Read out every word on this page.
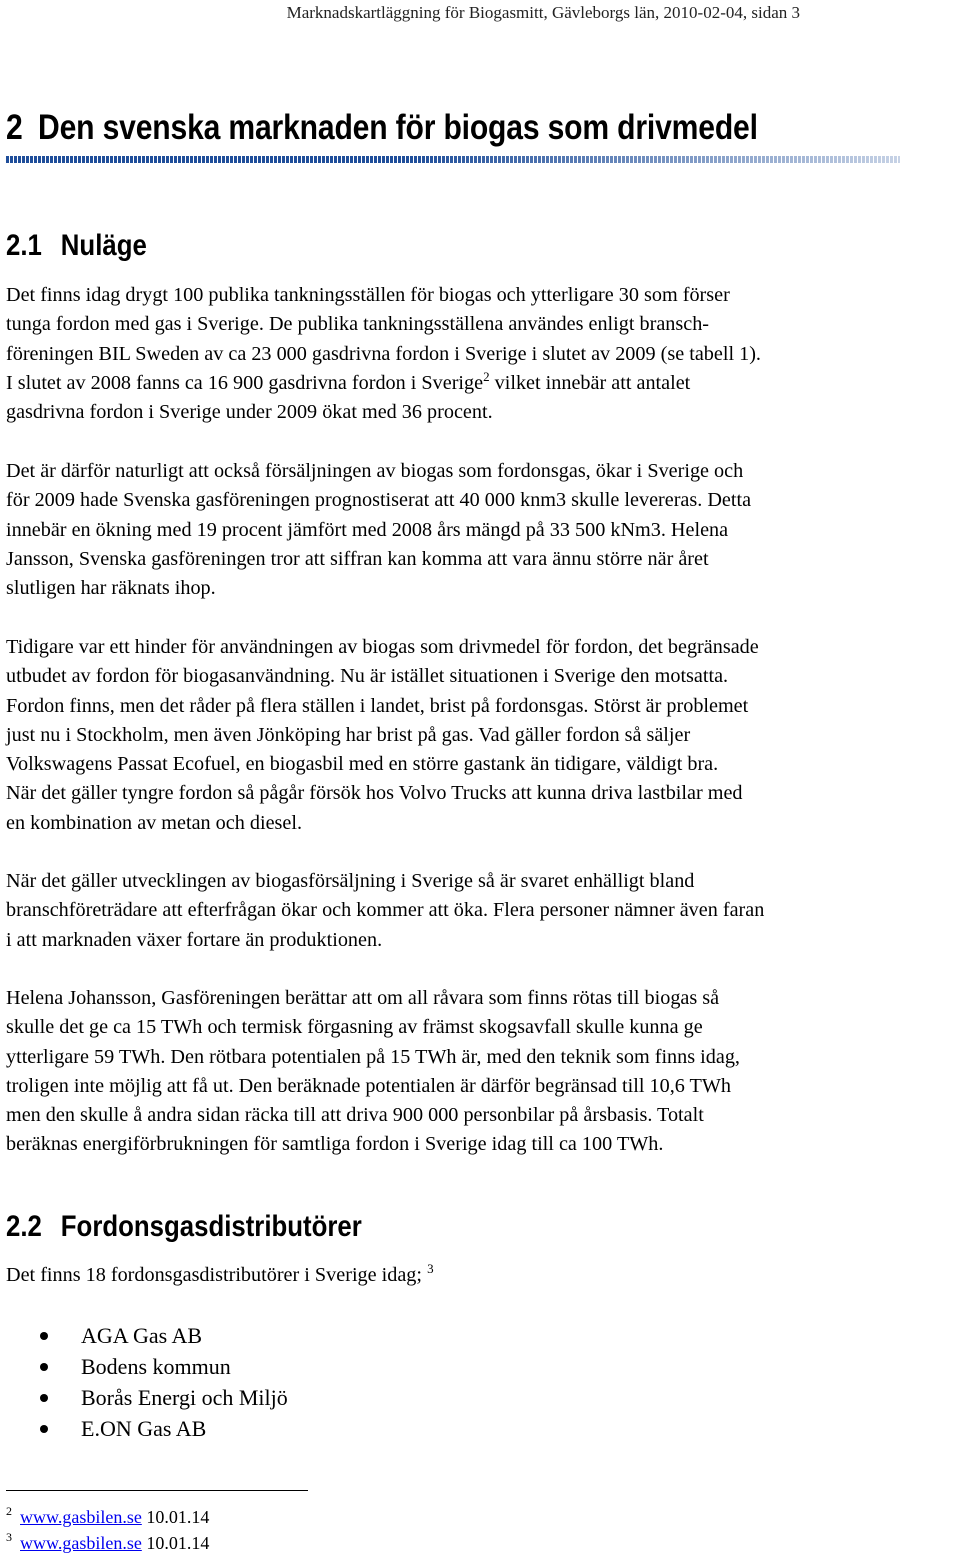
Marknadskartläggning för Biogasmitt, Gävleborgs län, 2010-02-04, sidan 3
2 Den svenska marknaden för biogas som drivmedel
2.1 Nuläge

Det finns idag drygt 100 publika tankningsställen för biogas och ytterligare 30 som förser

tunga fordon med gas i Sverige. De publika tankningsställena användes enligt bransch-

föreningen BIL Sweden av ca 23 000 gasdrivna fordon i Sverige i slutet av 2009 (se tabell 1).

I slutet av 2008 fanns ca 16 900 gasdrivna fordon i Sverige$^2$ vilket innebär att antalet

gasdrivna fordon i Sverige under 2009 ökat med 36 procent.

Det är därför naturligt att också försäljningen av biogas som fordonsgas, ökar i Sverige och

för 2009 hade Svenska gasföreningen prognostiserat att 40 000 knm3 skulle levereras. Detta

innebär en ökning med 19 procent jämfört med 2008 års mängd på 33 500 kNm3. Helena

Jansson, Svenska gasföreningen tror att siffran kan komma att vara ännu större när året

slutligen har räknats ihop.

Tidigare var ett hinder för användningen av biogas som drivmedel för fordon, det begränsade

utbudet av fordon för biogasanvändning. Nu är istället situationen i Sverige den motsatta.

Fordon finns, men det råder på flera ställen i landet, brist på fordonsgas. Störst är problemet

just nu i Stockholm, men även Jönköping har brist på gas. Vad gäller fordon så säljer

Volkswagens Passat Ecofuel, en biogasbil med en större gastank än tidigare, väldigt bra.

När det gäller tyngre fordon så pågår försök hos Volvo Trucks att kunna driva lastbilar med

en kombination av metan och diesel.

När det gäller utvecklingen av biogasförsäljning i Sverige så är svaret enhälligt bland

branschföreträdare att efterfrågan ökar och kommer att öka. Flera personer nämner även faran

i att marknaden växer fortare än produktionen.

Helena Johansson, Gasföreningen berättar att om all råvara som finns rötas till biogas så

skulle det ge ca 15 TWh och termisk förgasning av främst skogsavfall skulle kunna ge

ytterligare 59 TWh. Den rötbara potentialen på 15 TWh är, med den teknik som finns idag,

troligen inte möjlig att få ut. Den beräknade potentialen är därför begränsad till 10,6 TWh

men den skulle å andra sidan räcka till att driva 900 000 personbilar på årsbasis. Totalt

beräknas energiförbrukningen för samtliga fordon i Sverige idag till ca 100 TWh.

2.2 Fordonsgasdistributörer

Det finns 18 fordonsgasdistributörer i Sverige idag; $^3$

AGA Gas AB
Bodens kommun
Borås Energi och Miljö
E.ON Gas AB
$^2$ www.gasbilen.se 10.01.14
$^3$ www.gasbilen.se 10.01.14
